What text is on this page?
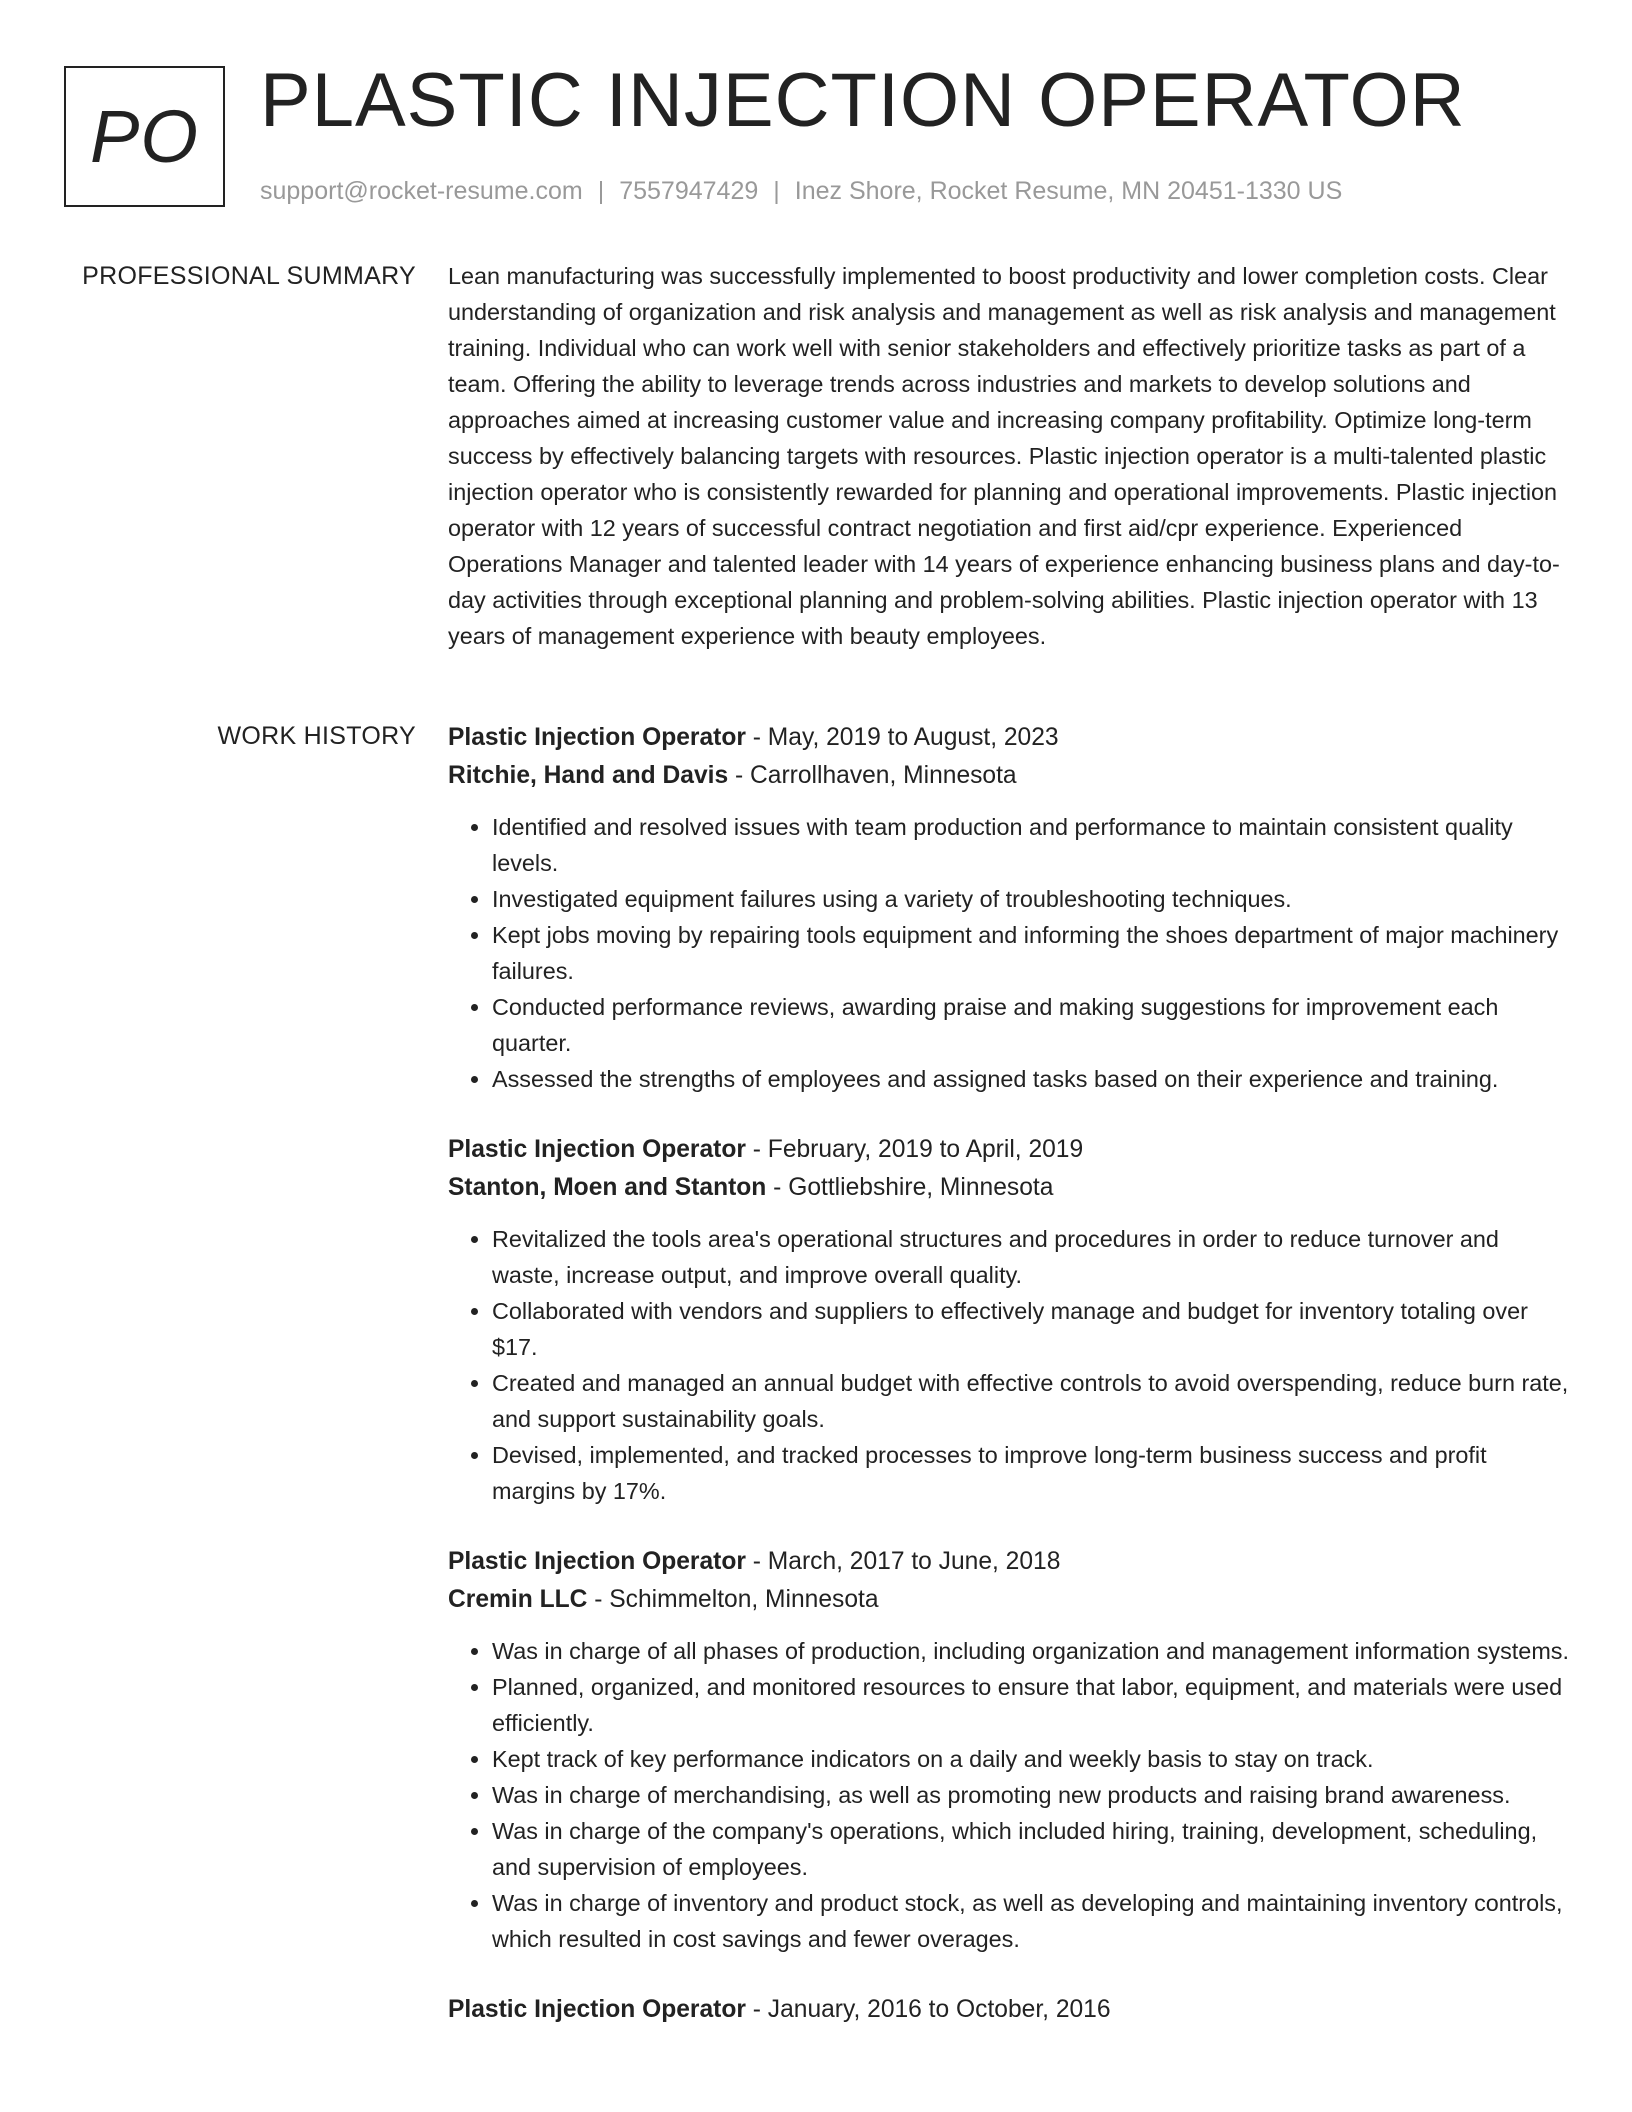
PO PLASTIC INJECTION OPERATOR
support@rocket-resume.com | 7557947429 | Inez Shore, Rocket Resume, MN 20451-1330 US
PROFESSIONAL SUMMARY Lean manufacturing was successfully implemented to boost productivity and lower completion costs. Clear understanding of organization and risk analysis and management as well as risk analysis and management training. Individual who can work well with senior stakeholders and effectively prioritize tasks as part of a team. Offering the ability to leverage trends across industries and markets to develop solutions and approaches aimed at increasing customer value and increasing company profitability. Optimize long-term success by effectively balancing targets with resources. Plastic injection operator is a multi-talented plastic injection operator who is consistently rewarded for planning and operational improvements. Plastic injection operator with 12 years of successful contract negotiation and first aid/cpr experience. Experienced Operations Manager and talented leader with 14 years of experience enhancing business plans and day-to-day activities through exceptional planning and problem-solving abilities. Plastic injection operator with 13 years of management experience with beauty employees.

WORK HISTORY Plastic Injection Operator - May, 2019 to August, 2023
Ritchie, Hand and Davis - Carrollhaven, Minnesota
• Identified and resolved issues with team production and performance to maintain consistent quality levels.
• Investigated equipment failures using a variety of troubleshooting techniques.
• Kept jobs moving by repairing tools equipment and informing the shoes department of major machinery failures.
• Conducted performance reviews, awarding praise and making suggestions for improvement each quarter.
• Assessed the strengths of employees and assigned tasks based on their experience and training.
Plastic Injection Operator - February, 2019 to April, 2019
Stanton, Moen and Stanton - Gottliebshire, Minnesota
• Revitalized the tools area's operational structures and procedures in order to reduce turnover and waste, increase output, and improve overall quality.
• Collaborated with vendors and suppliers to effectively manage and budget for inventory totaling over $17.
• Created and managed an annual budget with effective controls to avoid overspending, reduce burn rate, and support sustainability goals.
• Devised, implemented, and tracked processes to improve long-term business success and profit margins by 17%.
Plastic Injection Operator - March, 2017 to June, 2018
Cremin LLC - Schimmelton, Minnesota
• Was in charge of all phases of production, including organization and management information systems.
• Planned, organized, and monitored resources to ensure that labor, equipment, and materials were used efficiently.
• Kept track of key performance indicators on a daily and weekly basis to stay on track.
• Was in charge of merchandising, as well as promoting new products and raising brand awareness.
• Was in charge of the company's operations, which included hiring, training, development, scheduling, and supervision of employees.
• Was in charge of inventory and product stock, as well as developing and maintaining inventory controls, which resulted in cost savings and fewer overages.
Plastic Injection Operator - January, 2016 to October, 2016
